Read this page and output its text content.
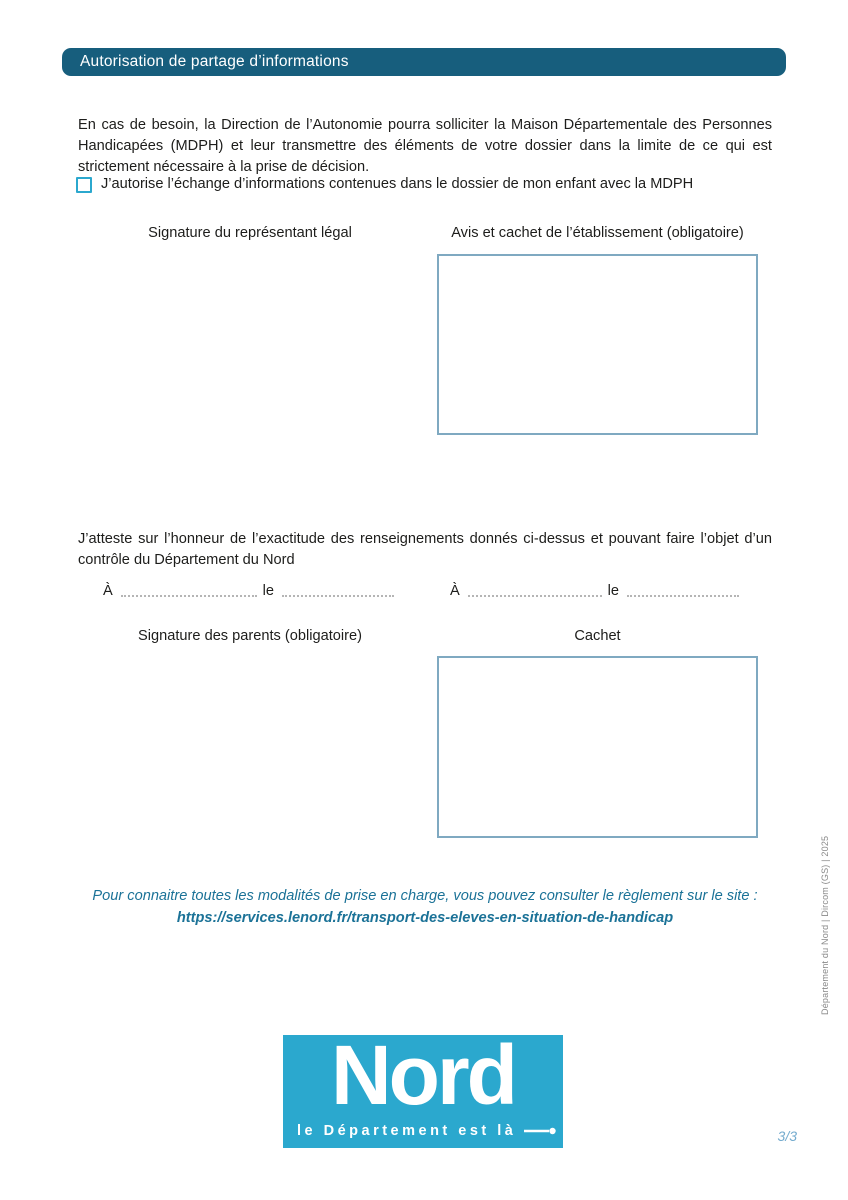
Autorisation de partage d’informations

En cas de besoin, la Direction de l’Autonomie pourra solliciter la Maison Départementale des Personnes Handicapées (MDPH) et leur transmettre des éléments de votre dossier dans la limite de ce qui est strictement nécessaire à la prise de décision.

J’autorise l’échange d’informations contenues dans le dossier de mon enfant avec la MDPH
Signature du représentant légal	Avis et cachet de l’établissement (obligatoire)

J’atteste sur l’honneur de l’exactitude des renseignements donnés ci-dessus et pouvant faire l’objet d’un contrôle du Département du Nord

À	le	À	le
Signature des parents (obligatoire)	Cachet
Pour connaitre toutes les modalités de prise en charge, vous pouvez consulter le règlement sur le site :
https://services.lenord.fr/transport-des-eleves-en-situation-de-handicap
Nord
le Département est là
Département du Nord | Dircom (GS) | 2025
3/3
